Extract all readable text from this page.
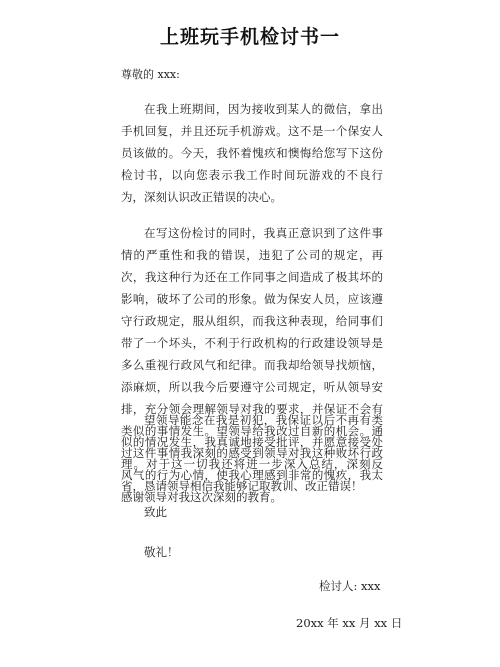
上班玩手机检讨书一
尊敬的 xxx:

在我上班期间，因为接收到某人的微信，拿出手机回复，并且还玩手机游戏。这不是一个保安人员该做的。今天，我怀着愧疚和懊悔给您写下这份检讨书，以向您表示我工作时间玩游戏的不良行为，深刻认识改正错误的决心。

在写这份检讨的同时，我真正意识到了这件事情的严重性和我的错误，违犯了公司的规定，再次，我这种行为还在工作同事之间造成了极其坏的影响，破坏了公司的形象。做为保安人员，应该遵守行政规定，服从组织，而我这种表现，给同事们带了一个坏头，不利于行政机构的行政建设领导是多么重视行政风气和纪律。而我却给领导找烦恼，添麻烦，所以我今后要遵守公司规定，听从领导安排，充分领会理解领导对我的要求，并保证不会有类似的事情发生。望领导给我改过自新的机会。通过这件事情我深刻的感受到领导对我这种败坏行政风气的行为心情，使我心理感到非常的愧疚，我太感谢领导对我这次深刻的教育。

望领导能念在我是初犯，我保证以后不再有类似的情况发生，我真诚地接受批评，并愿意接受处理。对于这一切我还将进一步深入总结，深刻反省，恳请领导相信我能够记取教训、改正错误！

致此
敬礼！
检讨人: xxx
20xx 年 xx 月 xx 日
